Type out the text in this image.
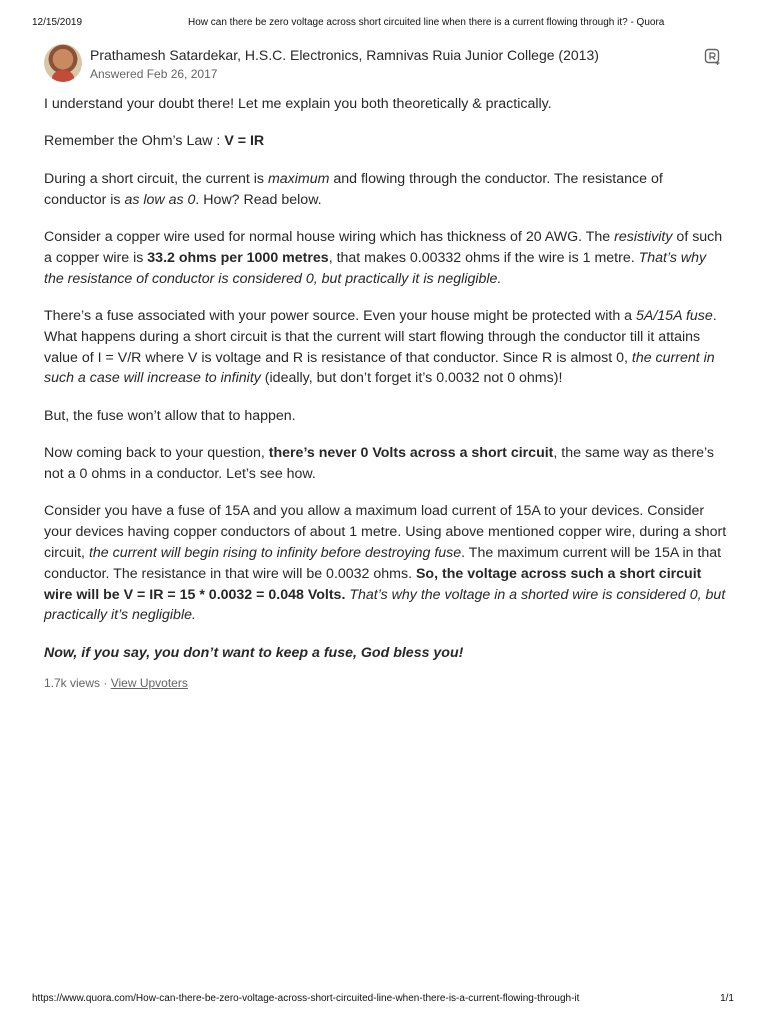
12/15/2019	How can there be zero voltage across short circuited line when there is a current flowing through it? - Quora
Prathamesh Satardekar, H.S.C. Electronics, Ramnivas Ruia Junior College (2013)
Answered Feb 26, 2017

I understand your doubt there! Let me explain you both theoretically & practically.

Remember the Ohm’s Law : V = IR

During a short circuit, the current is maximum and flowing through the conductor. The resistance of conductor is as low as 0. How? Read below.

Consider a copper wire used for normal house wiring which has thickness of 20 AWG. The resistivity of such a copper wire is 33.2 ohms per 1000 metres, that makes 0.00332 ohms if the wire is 1 metre. That’s why the resistance of conductor is considered 0, but practically it is negligible.

There’s a fuse associated with your power source. Even your house might be protected with a 5A/15A fuse. What happens during a short circuit is that the current will start flowing through the conductor till it attains value of I = V/R where V is voltage and R is resistance of that conductor. Since R is almost 0, the current in such a case will increase to infinity (ideally, but don’t forget it’s 0.0032 not 0 ohms)!

But, the fuse won’t allow that to happen.

Now coming back to your question, there’s never 0 Volts across a short circuit, the same way as there’s not a 0 ohms in a conductor. Let’s see how.

Consider you have a fuse of 15A and you allow a maximum load current of 15A to your devices. Consider your devices having copper conductors of about 1 metre. Using above mentioned copper wire, during a short circuit, the current will begin rising to infinity before destroying fuse. The maximum current will be 15A in that conductor. The resistance in that wire will be 0.0032 ohms. So, the voltage across such a short circuit wire will be V = IR = 15 * 0.0032 = 0.048 Volts. That’s why the voltage in a shorted wire is considered 0, but practically it’s negligible.

Now, if you say, you don’t want to keep a fuse, God bless you!

1.7k views · View Upvoters
https://www.quora.com/How-can-there-be-zero-voltage-across-short-circuited-line-when-there-is-a-current-flowing-through-it	1/1
